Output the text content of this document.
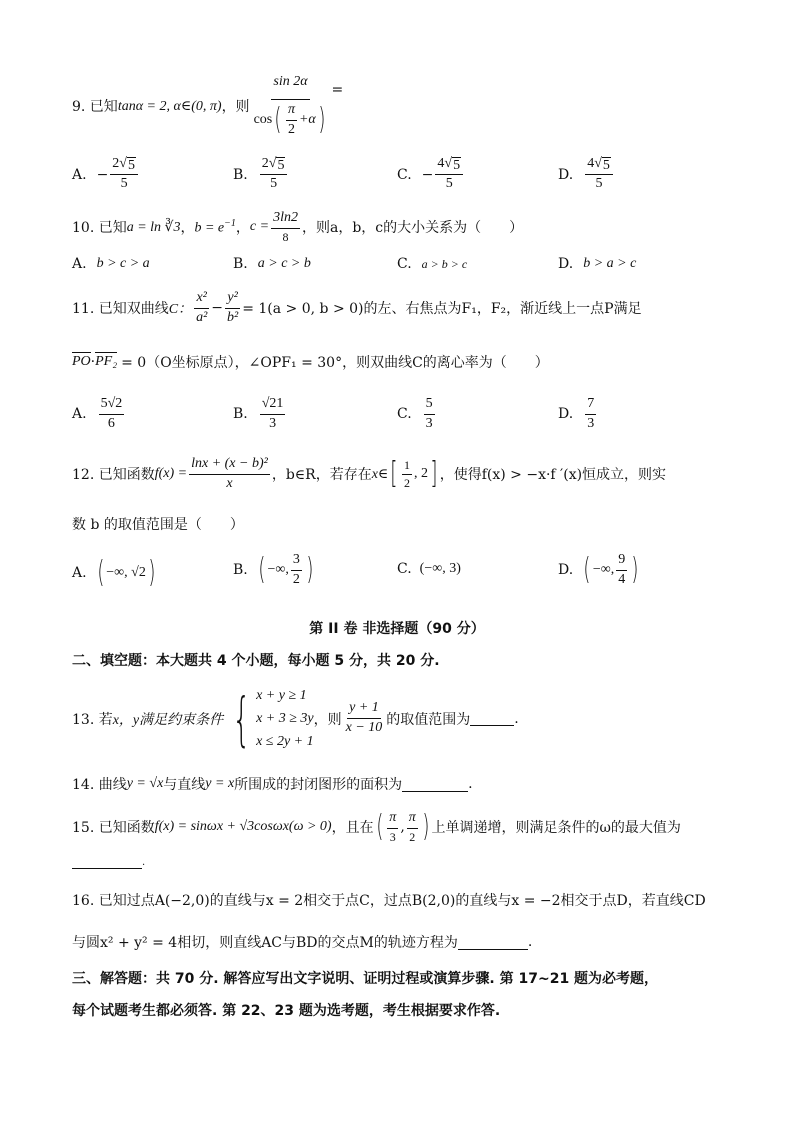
9. 已知 tanα = 2, α∈(0, π) ，则 $\frac{\sin 2\alpha}{\cos ( \frac{\pi}{2} +\alpha )}$ =
A. − $\frac{2 √ 5}{5}$	B. $\frac{2 √ 5}{5}$	C. − $\frac{4 √ 5}{5}$	D. $\frac{4 √ 5}{5}$
10. 已知 a = ln ∛3 ， $b = e^{-1}$ ， $c = \frac{3\ln 2}{8}$ ，则a，b，c的大小关系为（　　）
A. b > c > a	B. a > c > b	C. a > b > c	D. b > a > c
11. 已知双曲线 C： $\frac{\text{x²}}{\text{a²}} - \frac{\text{y²}}{\text{b²}} = 1(a > 0$, b > 0)的左、右焦点为F₁，F₂，渐近线上一点P满足
PO · PF₂ = 0（O坐标原点），∠OPF₁ = 30°，则双曲线C的离心率为（　　）
A. $\frac{5√2}{6}$	B. $\frac{√21}{3}$	C. $\frac{5}{3}$	D. $\frac{7}{3}$
12. 已知函数 $f(x) = \frac{\text{lnx + (x − b)²}}{x}$ ，b∈R，若存在 x∈ [ $\frac{1}{2}$ , 2 ] ，使得f(x) > −x·f ′(x)恒成立，则实
数 b 的取值范围是（　　）
A. ( −∞, √2 )	B. ( −∞, $\frac{3}{2}$ )	C. (−∞, 3)	D. ( −∞, $\frac{9}{4}$ )
第 II 卷 非选择题（90 分）
二、填空题：本大题共 4 个小题，每小题 5 分，共 20 分.
13. 若 x，y满足约束条件 { x + y ≥ 1
x + 3 ≥ 3y
x ≤ 2y + 1
，则 $\frac{y + 1}{x - 10}$ 的取值范围为	.
14. 曲线 y = √x 与直线 y = x 所围成的封闭图形的面积为	.
15. 已知函数 f(x) = sinωx + √3cosωx(ω > 0) ，且在 ( $\frac{\pi}{3}$ , $\frac{\pi}{2}$ ) 上单调递增，则满足条件的ω的最大值为
.
16. 已知过点A(−2,0)的直线与x = 2相交于点C，过点B(2,0)的直线与x = −2相交于点D，若直线CD
与圆x² + y² = 4相切，则直线AC与BD的交点M的轨迹方程为	.
三、解答题：共 70 分. 解答应写出文字说明、证明过程或演算步骤. 第 17~21 题为必考题，
每个试题考生都必须答. 第 22、23 题为选考题，考生根据要求作答.
